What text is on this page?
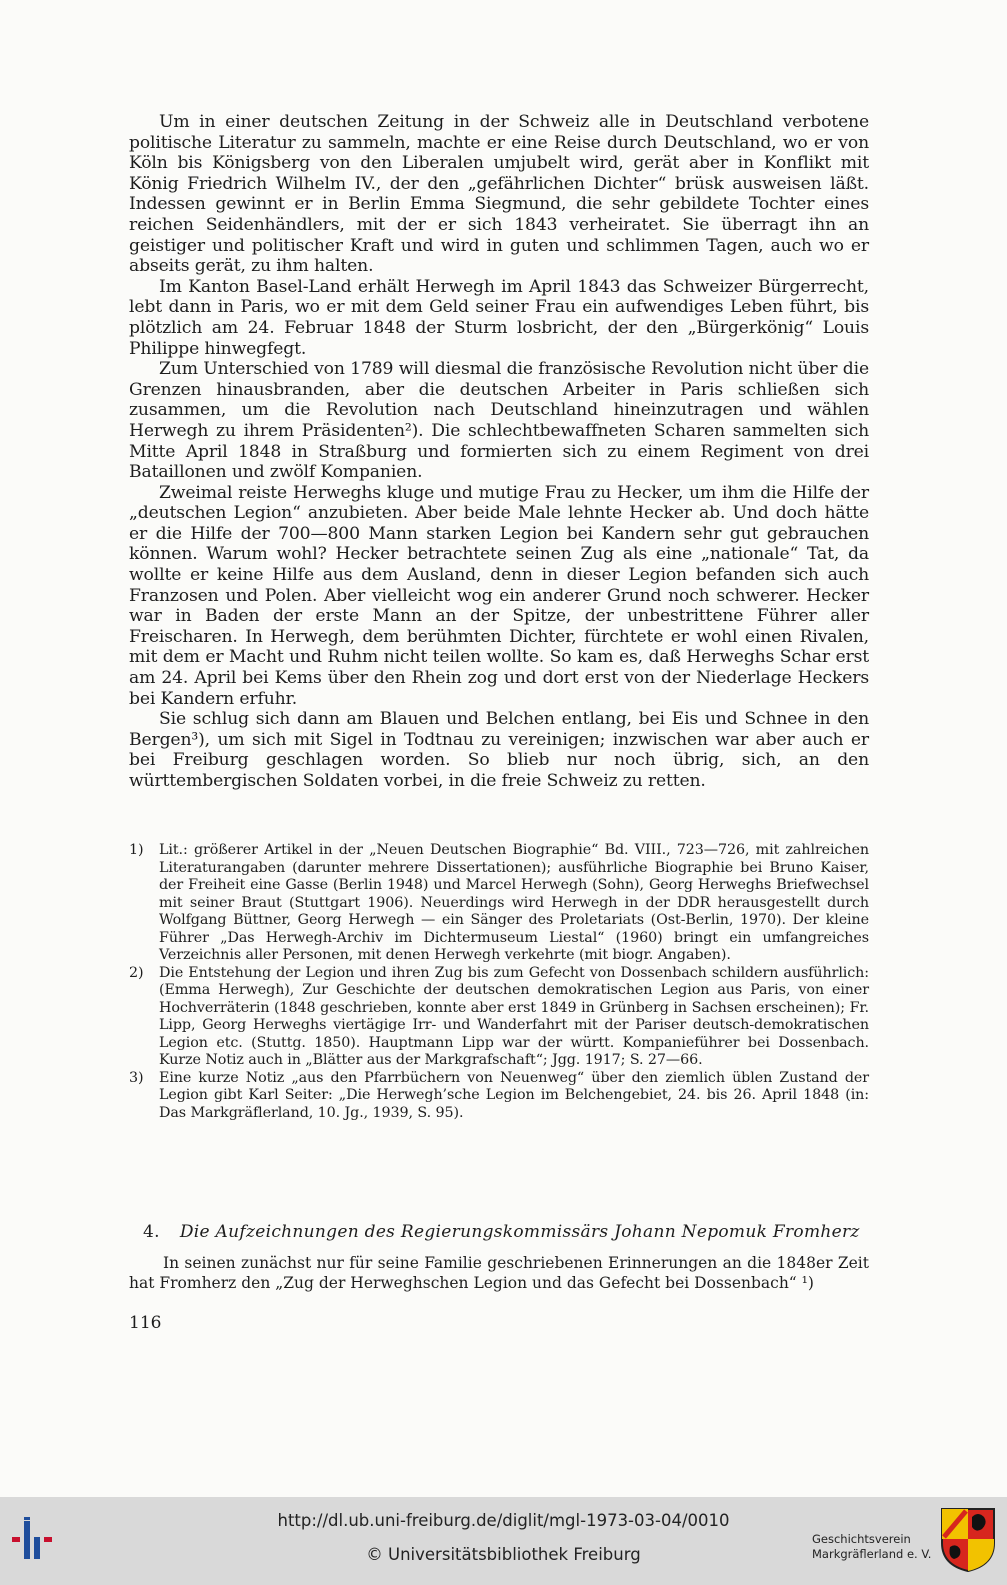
Um in einer deutschen Zeitung in der Schweiz alle in Deutschland verbotene politische Literatur zu sammeln, machte er eine Reise durch Deutschland, wo er von Köln bis Königsberg von den Liberalen umjubelt wird, gerät aber in Konflikt mit König Friedrich Wilhelm IV., der den „gefährlichen Dichter“ brüsk ausweisen läßt. Indessen gewinnt er in Berlin Emma Siegmund, die sehr gebildete Tochter eines reichen Seidenhändlers, mit der er sich 1843 verheiratet. Sie überragt ihn an geistiger und politischer Kraft und wird in guten und schlimmen Tagen, auch wo er abseits gerät, zu ihm halten.

Im Kanton Basel-Land erhält Herwegh im April 1843 das Schweizer Bürgerrecht, lebt dann in Paris, wo er mit dem Geld seiner Frau ein aufwendiges Leben führt, bis plötzlich am 24. Februar 1848 der Sturm losbricht, der den „Bürgerkönig“ Louis Philippe hinwegfegt.

Zum Unterschied von 1789 will diesmal die französische Revolution nicht über die Grenzen hinausbranden, aber die deutschen Arbeiter in Paris schließen sich zusammen, um die Revolution nach Deutschland hineinzutragen und wählen Herwegh zu ihrem Präsidenten²). Die schlechtbewaffneten Scharen sammelten sich Mitte April 1848 in Straßburg und formierten sich zu einem Regiment von drei Bataillonen und zwölf Kompanien.

Zweimal reiste Herweghs kluge und mutige Frau zu Hecker, um ihm die Hilfe der „deutschen Legion“ anzubieten. Aber beide Male lehnte Hecker ab. Und doch hätte er die Hilfe der 700—800 Mann starken Legion bei Kandern sehr gut gebrauchen können. Warum wohl? Hecker betrachtete seinen Zug als eine „nationale“ Tat, da wollte er keine Hilfe aus dem Ausland, denn in dieser Legion befanden sich auch Franzosen und Polen. Aber vielleicht wog ein anderer Grund noch schwerer. Hecker war in Baden der erste Mann an der Spitze, der unbestrittene Führer aller Freischaren. In Herwegh, dem berühmten Dichter, fürchtete er wohl einen Rivalen, mit dem er Macht und Ruhm nicht teilen wollte. So kam es, daß Herweghs Schar erst am 24. April bei Kems über den Rhein zog und dort erst von der Niederlage Heckers bei Kandern erfuhr.

Sie schlug sich dann am Blauen und Belchen entlang, bei Eis und Schnee in den Bergen³), um sich mit Sigel in Todtnau zu vereinigen; inzwischen war aber auch er bei Freiburg geschlagen worden. So blieb nur noch übrig, sich, an den württembergischen Soldaten vorbei, in die freie Schweiz zu retten.

1)	Lit.: größerer Artikel in der „Neuen Deutschen Biographie“ Bd. VIII., 723—726, mit zahlreichen Literaturangaben (darunter mehrere Dissertationen); ausführliche Biographie bei Bruno Kaiser, der Freiheit eine Gasse (Berlin 1948) und Marcel Herwegh (Sohn), Georg Herweghs Briefwechsel mit seiner Braut (Stuttgart 1906). Neuerdings wird Herwegh in der DDR herausgestellt durch Wolfgang Büttner, Georg Herwegh — ein Sänger des Proletariats (Ost-Berlin, 1970). Der kleine Führer „Das Herwegh-Archiv im Dichtermuseum Liestal“ (1960) bringt ein umfangreiches Verzeichnis aller Personen, mit denen Herwegh verkehrte (mit biogr. Angaben).
2)	Die Entstehung der Legion und ihren Zug bis zum Gefecht von Dossenbach schildern ausführlich: (Emma Herwegh), Zur Geschichte der deutschen demokratischen Legion aus Paris, von einer Hochverräterin (1848 geschrieben, konnte aber erst 1849 in Grünberg in Sachsen erscheinen); Fr. Lipp, Georg Herweghs viertägige Irr- und Wanderfahrt mit der Pariser deutsch-demokratischen Legion etc. (Stuttg. 1850). Hauptmann Lipp war der württ. Kompanieführer bei Dossenbach. Kurze Notiz auch in „Blätter aus der Markgrafschaft“; Jgg. 1917; S. 27—66.
3)	Eine kurze Notiz „aus den Pfarrbüchern von Neuenweg“ über den ziemlich üblen Zustand der Legion gibt Karl Seiter: „Die Herwegh’sche Legion im Belchengebiet, 24. bis 26. April 1848 (in: Das Markgräflerland, 10. Jg., 1939, S. 95).
4. Die Aufzeichnungen des Regierungskommissärs Johann Nepomuk Fromherz

In seinen zunächst nur für seine Familie geschriebenen Erinnerungen an die 1848er Zeit hat Fromherz den „Zug der Herweghschen Legion und das Gefecht bei Dossenbach“ ¹)

116
http://dl.ub.uni-freiburg.de/diglit/mgl-1973-03-04/0010
© Universitätsbibliothek Freiburg
Geschichtsverein
Markgräflerland e. V.
